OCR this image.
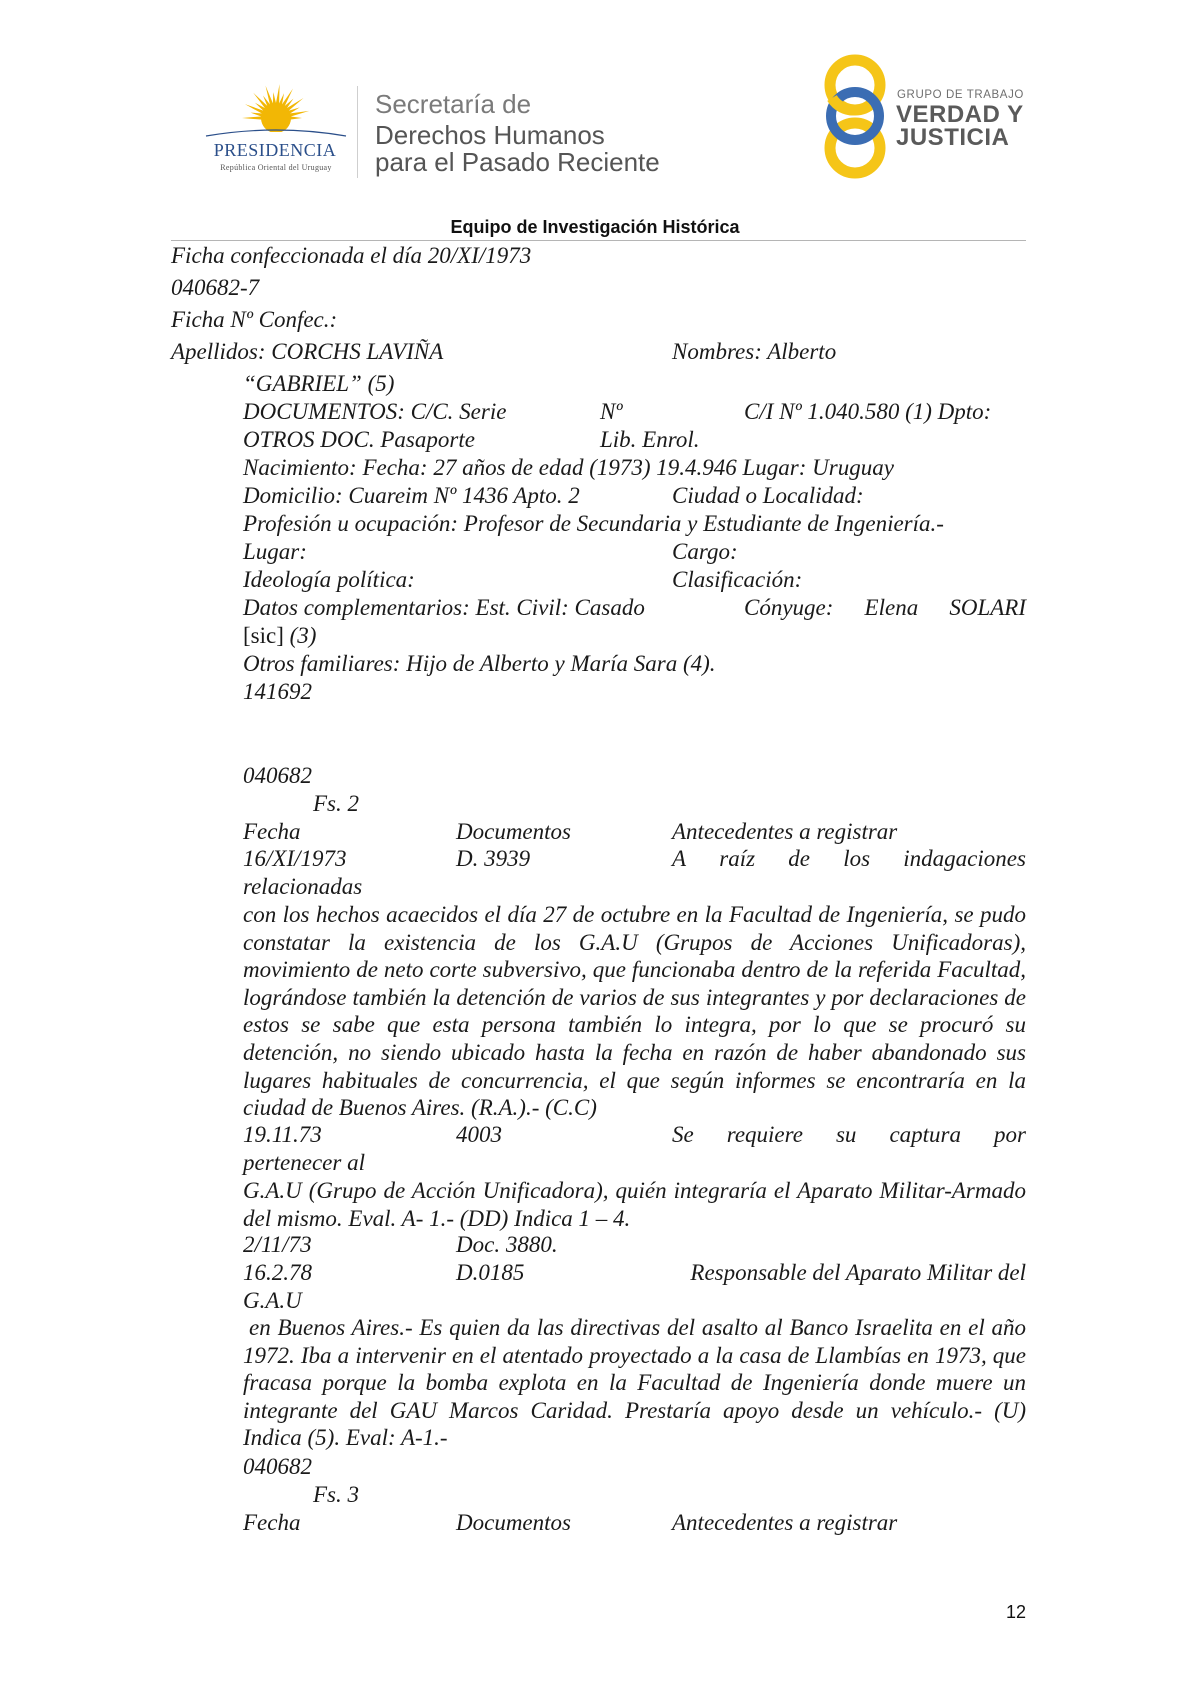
PRESIDENCIA
República Oriental del Uruguay
Secretaría de
Derechos Humanos
para el Pasado Reciente
GRUPO DE TRABAJO
VERDAD Y
JUSTICIA
Equipo de Investigación Histórica
Ficha confeccionada el día 20/XI/1973
040682-7
Ficha Nº Confec.:
Apellidos: CORCHS LAVIÑA	Nombres: Alberto
“GABRIEL” (5)
DOCUMENTOS: C/C. Serie	Nº	C/I Nº 1.040.580 (1) Dpto:
OTROS DOC. Pasaporte	Lib. Enrol.
Nacimiento: Fecha: 27 años de edad (1973) 19.4.946 Lugar: Uruguay
Domicilio: Cuareim Nº 1436 Apto. 2	Ciudad o Localidad:
Profesión u ocupación: Profesor de Secundaria y Estudiante de Ingeniería.-
Lugar:	Cargo:
Ideología política:	Clasificación:
Datos complementarios: Est. Civil: Casado	Cónyuge: Elena SOLARI
[sic] (3)
Otros familiares: Hijo de Alberto y María Sara (4).
141692
040682
Fs. 2
Fecha	Documentos	Antecedentes a registrar
16/XI/1973	D. 3939	A raíz de los indagaciones
relacionadas
con los hechos acaecidos el día 27 de octubre en la Facultad de Ingeniería, se pudo constatar la existencia de los G.A.U (Grupos de Acciones Unificadoras), movimiento de neto corte subversivo, que funcionaba dentro de la referida Facultad, lográndose también la detención de varios de sus integrantes y por declaraciones de estos se sabe que esta persona también lo integra, por lo que se procuró su detención, no siendo ubicado hasta la fecha en razón de haber abandonado sus lugares habituales de concurrencia, el que según informes se encontraría en la ciudad de Buenos Aires. (R.A.).- (C.C)
19.11.73	4003	Se requiere su captura por
pertenecer al
G.A.U (Grupo de Acción Unificadora), quién integraría el Aparato Militar-Armado del mismo. Eval. A- 1.- (DD) Indica 1 – 4.
2/11/73	Doc. 3880.
16.2.78	D.0185	Responsable del Aparato Militar del
G.A.U
en Buenos Aires.- Es quien da las directivas del asalto al Banco Israelita en el año 1972. Iba a intervenir en el atentado proyectado a la casa de Llambías en 1973, que fracasa porque la bomba explota en la Facultad de Ingeniería donde muere un integrante del GAU Marcos Caridad. Prestaría apoyo desde un vehículo.- (U) Indica (5). Eval: A-1.-
040682
Fs. 3
Fecha	Documentos	Antecedentes a registrar
12
